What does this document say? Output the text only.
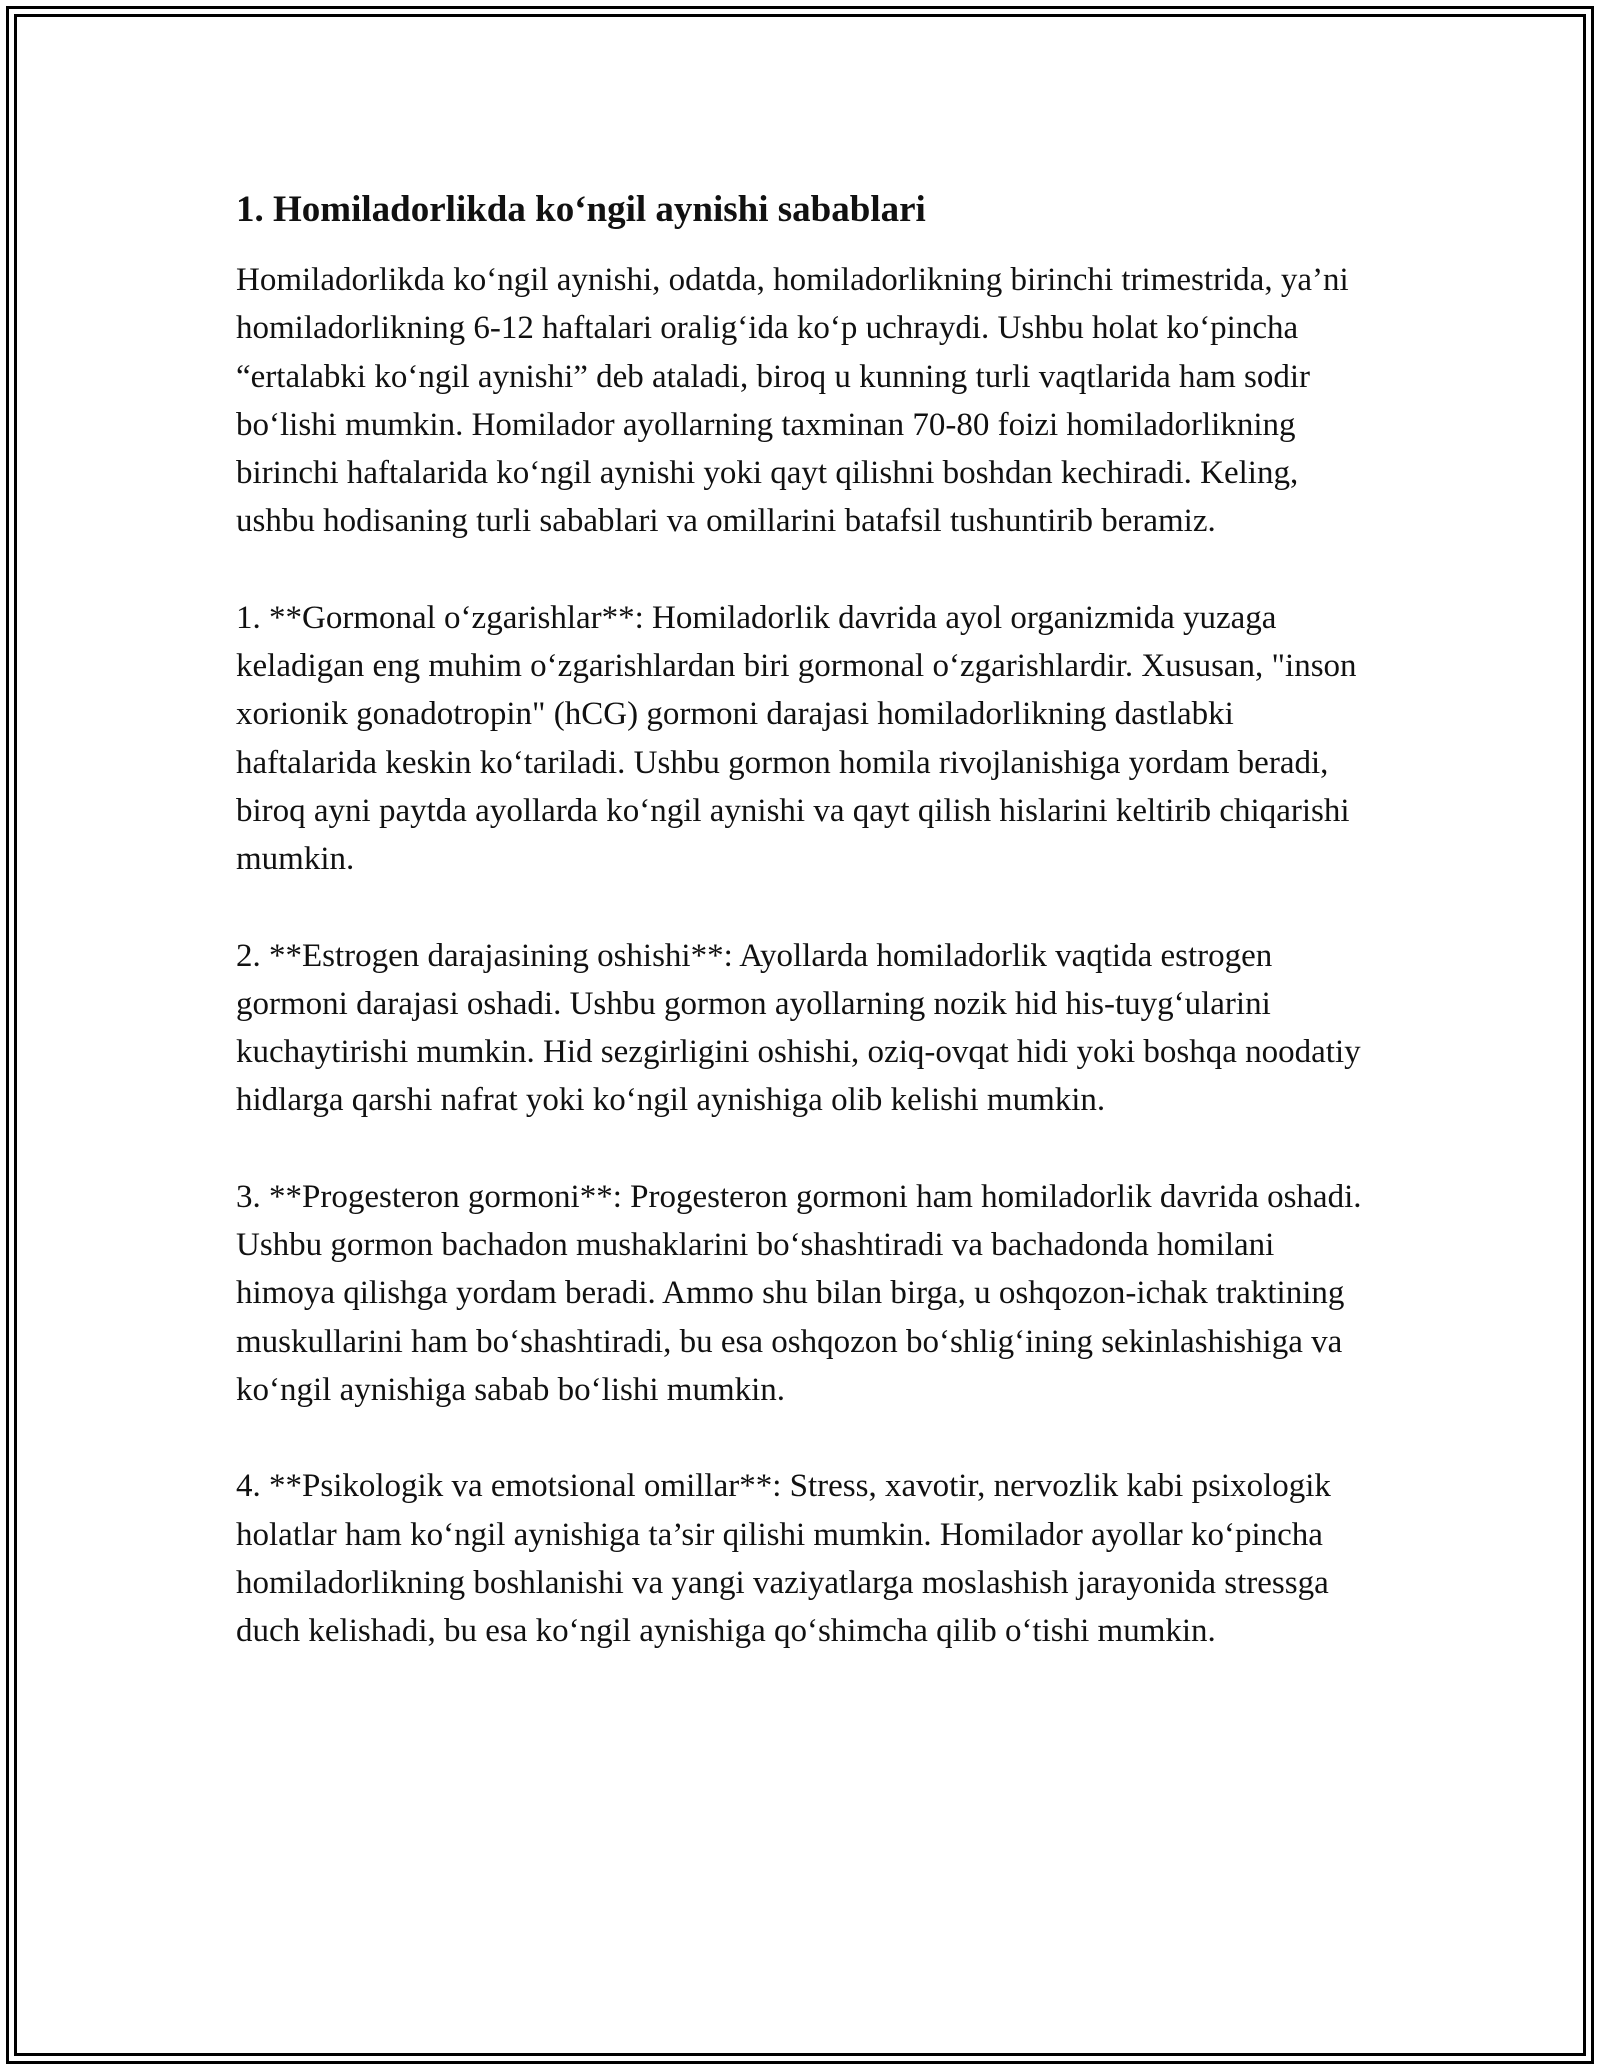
1. Homiladorlikda ko‘ngil aynishi sabablari

Homiladorlikda ko‘ngil aynishi, odatda, homiladorlikning birinchi trimestrida, ya’ni homiladorlikning 6-12 haftalari oralig‘ida ko‘p uchraydi. Ushbu holat ko‘pincha “ertalabki ko‘ngil aynishi” deb ataladi, biroq u kunning turli vaqtlarida ham sodir bo‘lishi mumkin. Homilador ayollarning taxminan 70-80 foizi homiladorlikning birinchi haftalarida ko‘ngil aynishi yoki qayt qilishni boshdan kechiradi. Keling, ushbu hodisaning turli sabablari va omillarini batafsil tushuntirib beramiz.

1. **Gormonal o‘zgarishlar**: Homiladorlik davrida ayol organizmida yuzaga keladigan eng muhim o‘zgarishlardan biri gormonal o‘zgarishlardir. Xususan, "inson xorionik gonadotropin" (hCG) gormoni darajasi homiladorlikning dastlabki haftalarida keskin ko‘tariladi. Ushbu gormon homila rivojlanishiga yordam beradi, biroq ayni paytda ayollarda ko‘ngil aynishi va qayt qilish hislarini keltirib chiqarishi mumkin.

2. **Estrogen darajasining oshishi**: Ayollarda homiladorlik vaqtida estrogen gormoni darajasi oshadi. Ushbu gormon ayollarning nozik hid his-tuyg‘ularini kuchaytirishi mumkin. Hid sezgirligini oshishi, oziq-ovqat hidi yoki boshqa noodatiy hidlarga qarshi nafrat yoki ko‘ngil aynishiga olib kelishi mumkin.

3. **Progesteron gormoni**: Progesteron gormoni ham homiladorlik davrida oshadi. Ushbu gormon bachadon mushaklarini bo‘shashtiradi va bachadonda homilani himoya qilishga yordam beradi. Ammo shu bilan birga, u oshqozon-ichak traktining muskullarini ham bo‘shashtiradi, bu esa oshqozon bo‘shlig‘ining sekinlashishiga va ko‘ngil aynishiga sabab bo‘lishi mumkin.

4. **Psikologik va emotsional omillar**: Stress, xavotir, nervozlik kabi psixologik holatlar ham ko‘ngil aynishiga ta’sir qilishi mumkin. Homilador ayollar ko‘pincha homiladorlikning boshlanishi va yangi vaziyatlarga moslashish jarayonida stressga duch kelishadi, bu esa ko‘ngil aynishiga qo‘shimcha qilib o‘tishi mumkin.
